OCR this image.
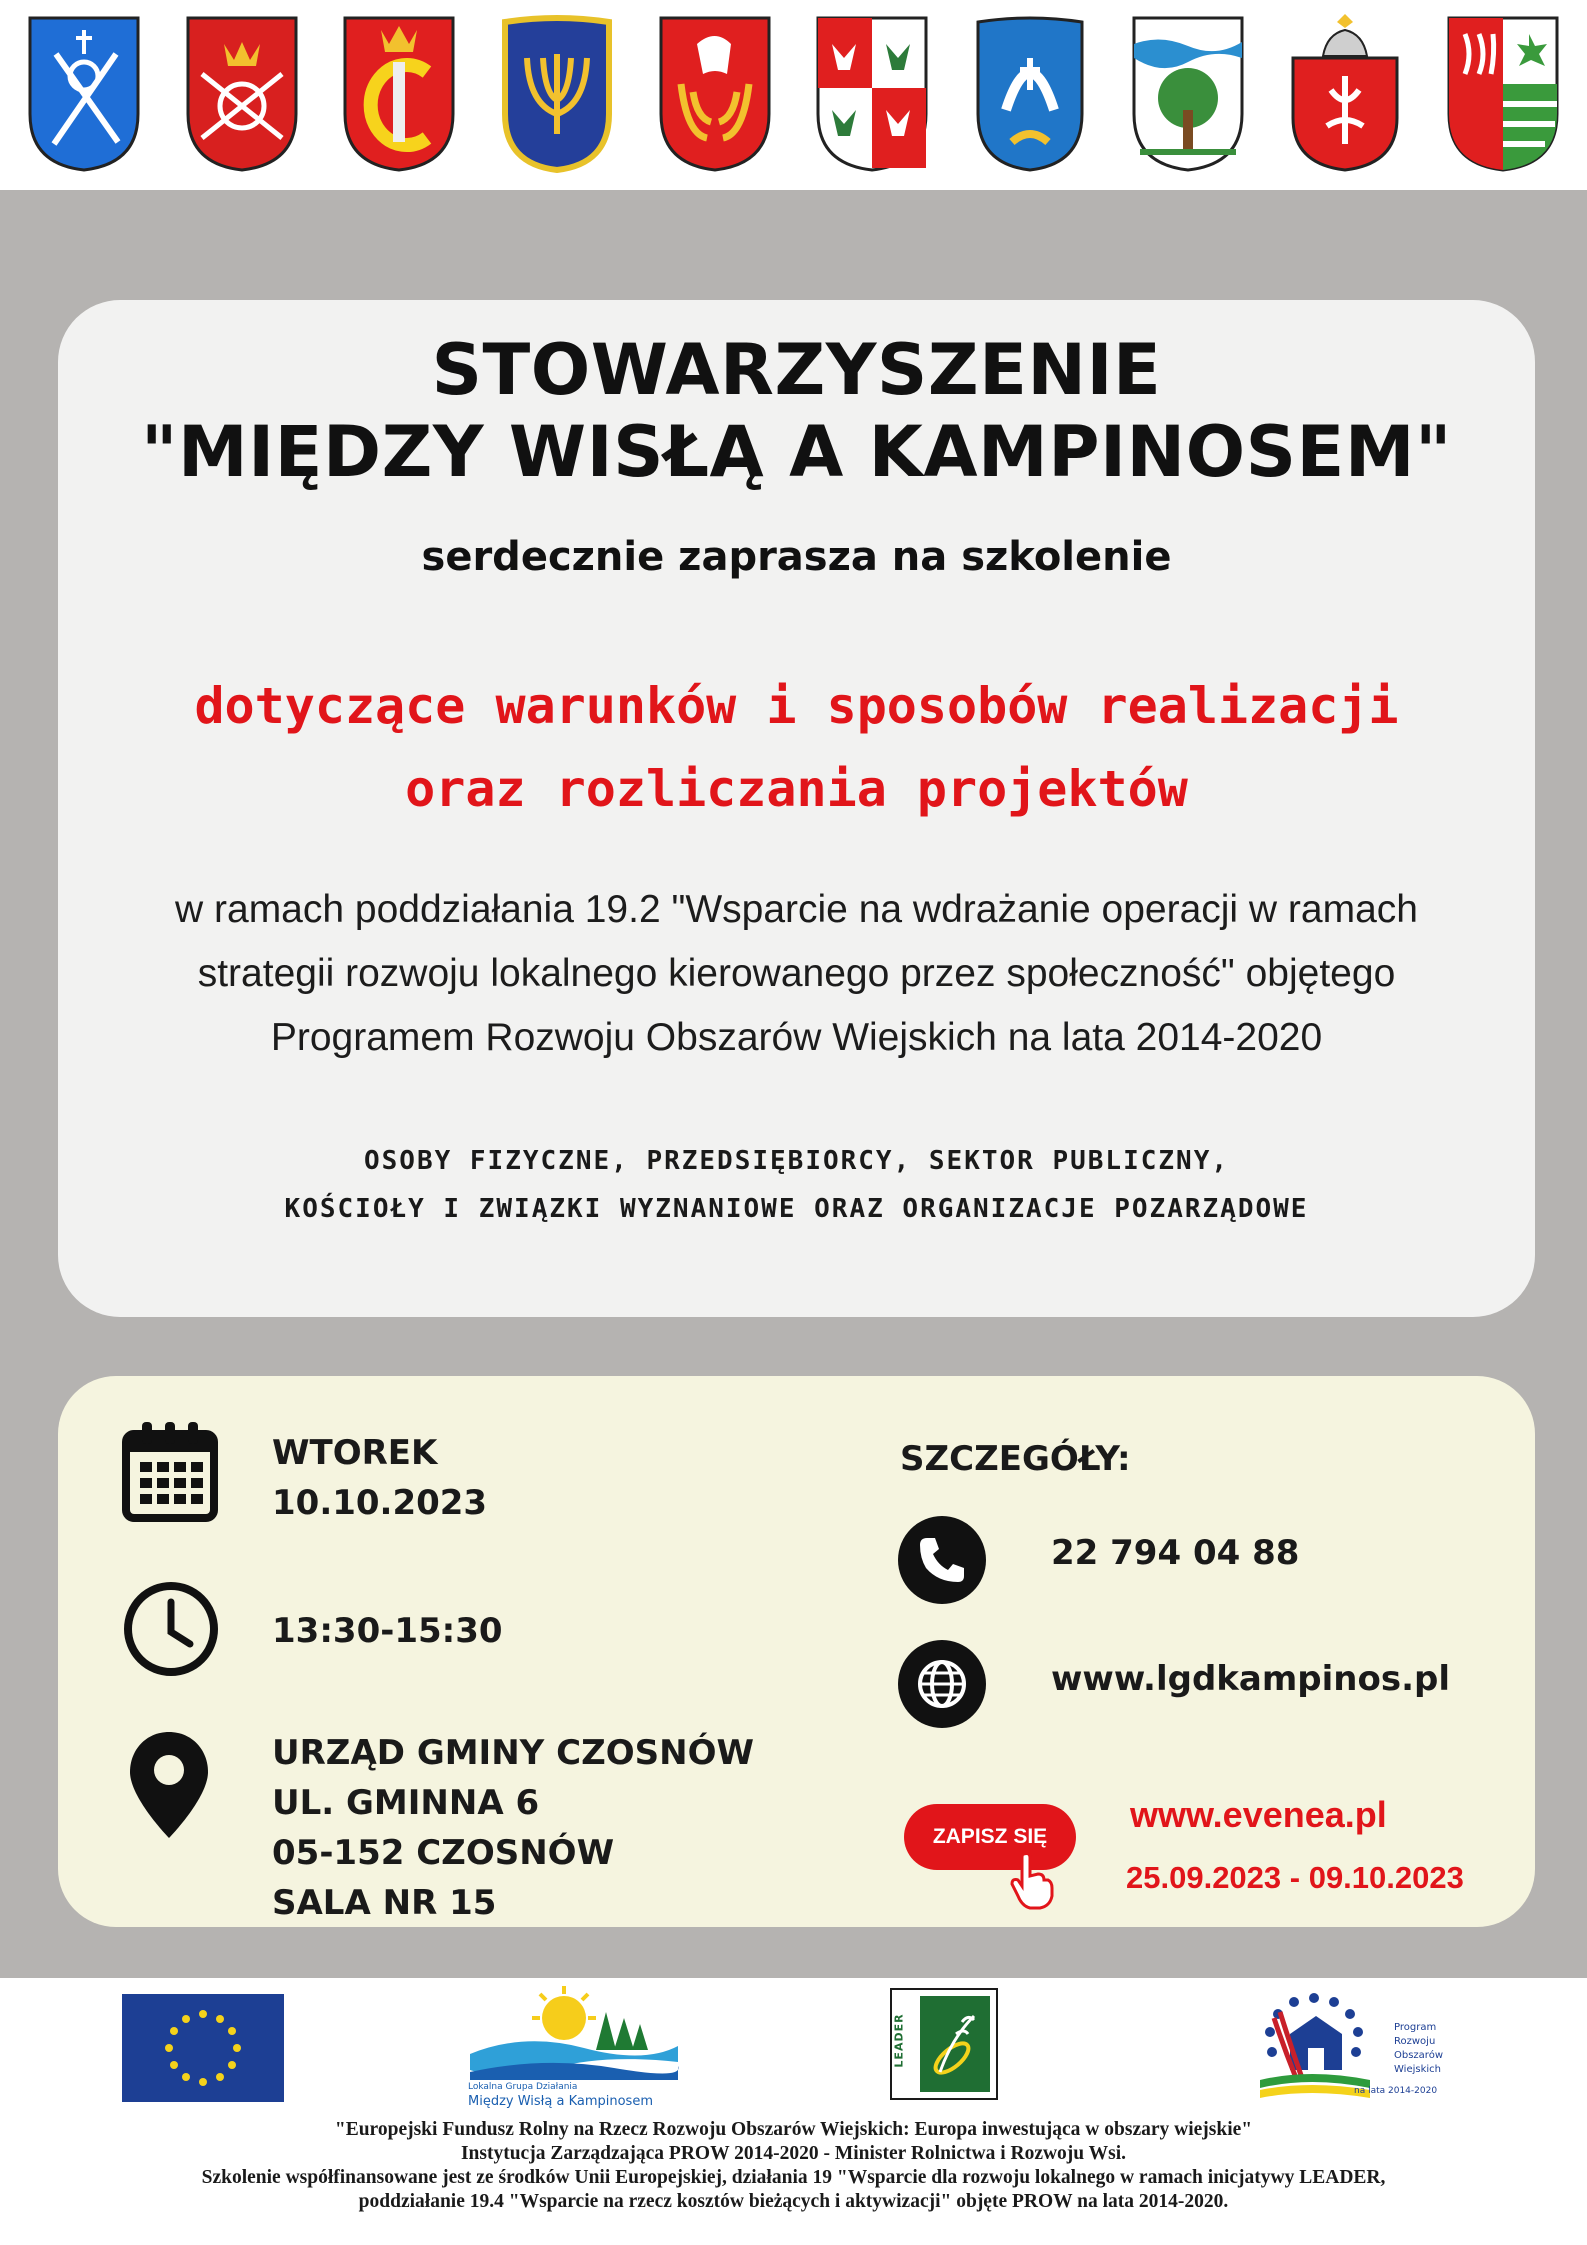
STOWARZYSZENIE
"MIĘDZY WISŁĄ A KAMPINOSEM"
serdecznie zaprasza na szkolenie
dotyczące warunków i sposobów realizacji
oraz rozliczania projektów
w ramach poddziałania 19.2 "Wsparcie na wdrażanie operacji w ramach
strategii rozwoju lokalnego kierowanego przez społeczność" objętego
Programem Rozwoju Obszarów Wiejskich na lata 2014-2020
OSOBY FIZYCZNE, PRZEDSIĘBIORCY, SEKTOR PUBLICZNY,
KOŚCIOŁY I ZWIĄZKI WYZNANIOWE ORAZ ORGANIZACJE POZARZĄDOWE
WTOREK
10.10.2023
13:30-15:30
URZĄD GMINY CZOSNÓW
UL. GMINNA 6
05-152 CZOSNÓW
SALA NR 15
SZCZEGÓŁY:
22 794 04 88
www.lgdkampinos.pl
ZAPISZ SIĘ
www.evenea.pl
25.09.2023 - 09.10.2023
Lokalna Grupa Działania
Między Wisłą a Kampinosem
LEADER	Program
Rozwoju
Obszarów
Wiejskich
na lata 2014-2020
"Europejski Fundusz Rolny na Rzecz Rozwoju Obszarów Wiejskich: Europa inwestująca w obszary wiejskie"
Instytucja Zarządzająca PROW 2014-2020 - Minister Rolnictwa i Rozwoju Wsi.
Szkolenie współfinansowane jest ze środków Unii Europejskiej, działania 19 "Wsparcie dla rozwoju lokalnego w ramach inicjatywy LEADER,
poddziałanie 19.4 "Wsparcie na rzecz kosztów bieżących i aktywizacji" objęte PROW na lata 2014-2020.
